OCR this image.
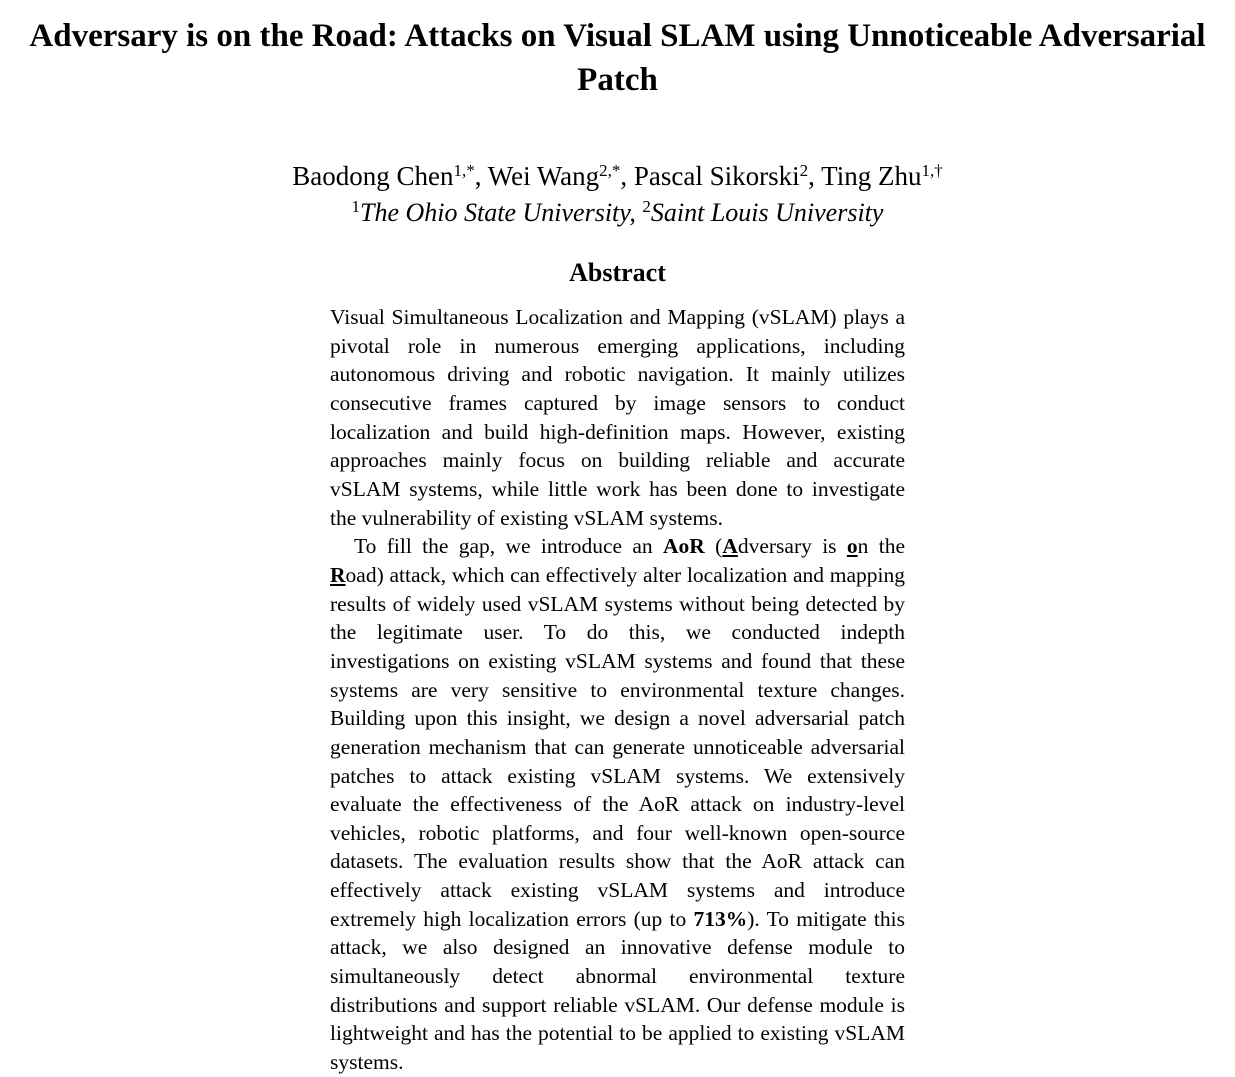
Adversary is on the Road: Attacks on Visual SLAM using Unnoticeable Adversarial
Patch
Baodong Chen$^{1,*}$, Wei Wang$^{2,*}$, Pascal Sikorski$^2$, Ting Zhu$^{1,\dagger}$
$^1$The Ohio State University, $^2$Saint Louis University
Abstract

Visual Simultaneous Localization and Mapping (vSLAM) plays a pivotal role in numerous emerging applications, including autonomous driving and robotic navigation. It mainly utilizes consecutive frames captured by image sensors to conduct localization and build high-definition maps. However, existing approaches mainly focus on building reliable and accurate vSLAM systems, while little work has been done to investigate the vulnerability of existing vSLAM systems.

To fill the gap, we introduce an AoR (Adversary is on the Road) attack, which can effectively alter localization and mapping results of widely used vSLAM systems without being detected by the legitimate user. To do this, we conducted indepth investigations on existing vSLAM systems and found that these systems are very sensitive to environmental texture changes. Building upon this insight, we design a novel adversarial patch generation mechanism that can generate unnoticeable adversarial patches to attack existing vSLAM systems. We extensively evaluate the effectiveness of the AoR attack on industry-level vehicles, robotic platforms, and four well-known open-source datasets. The evaluation results show that the AoR attack can effectively attack existing vSLAM systems and introduce extremely high localization errors (up to 713%). To mitigate this attack, we also designed an innovative defense module to simultaneously detect abnormal environmental texture distributions and support reliable vSLAM. Our defense module is lightweight and has the potential to be applied to existing vSLAM systems.
